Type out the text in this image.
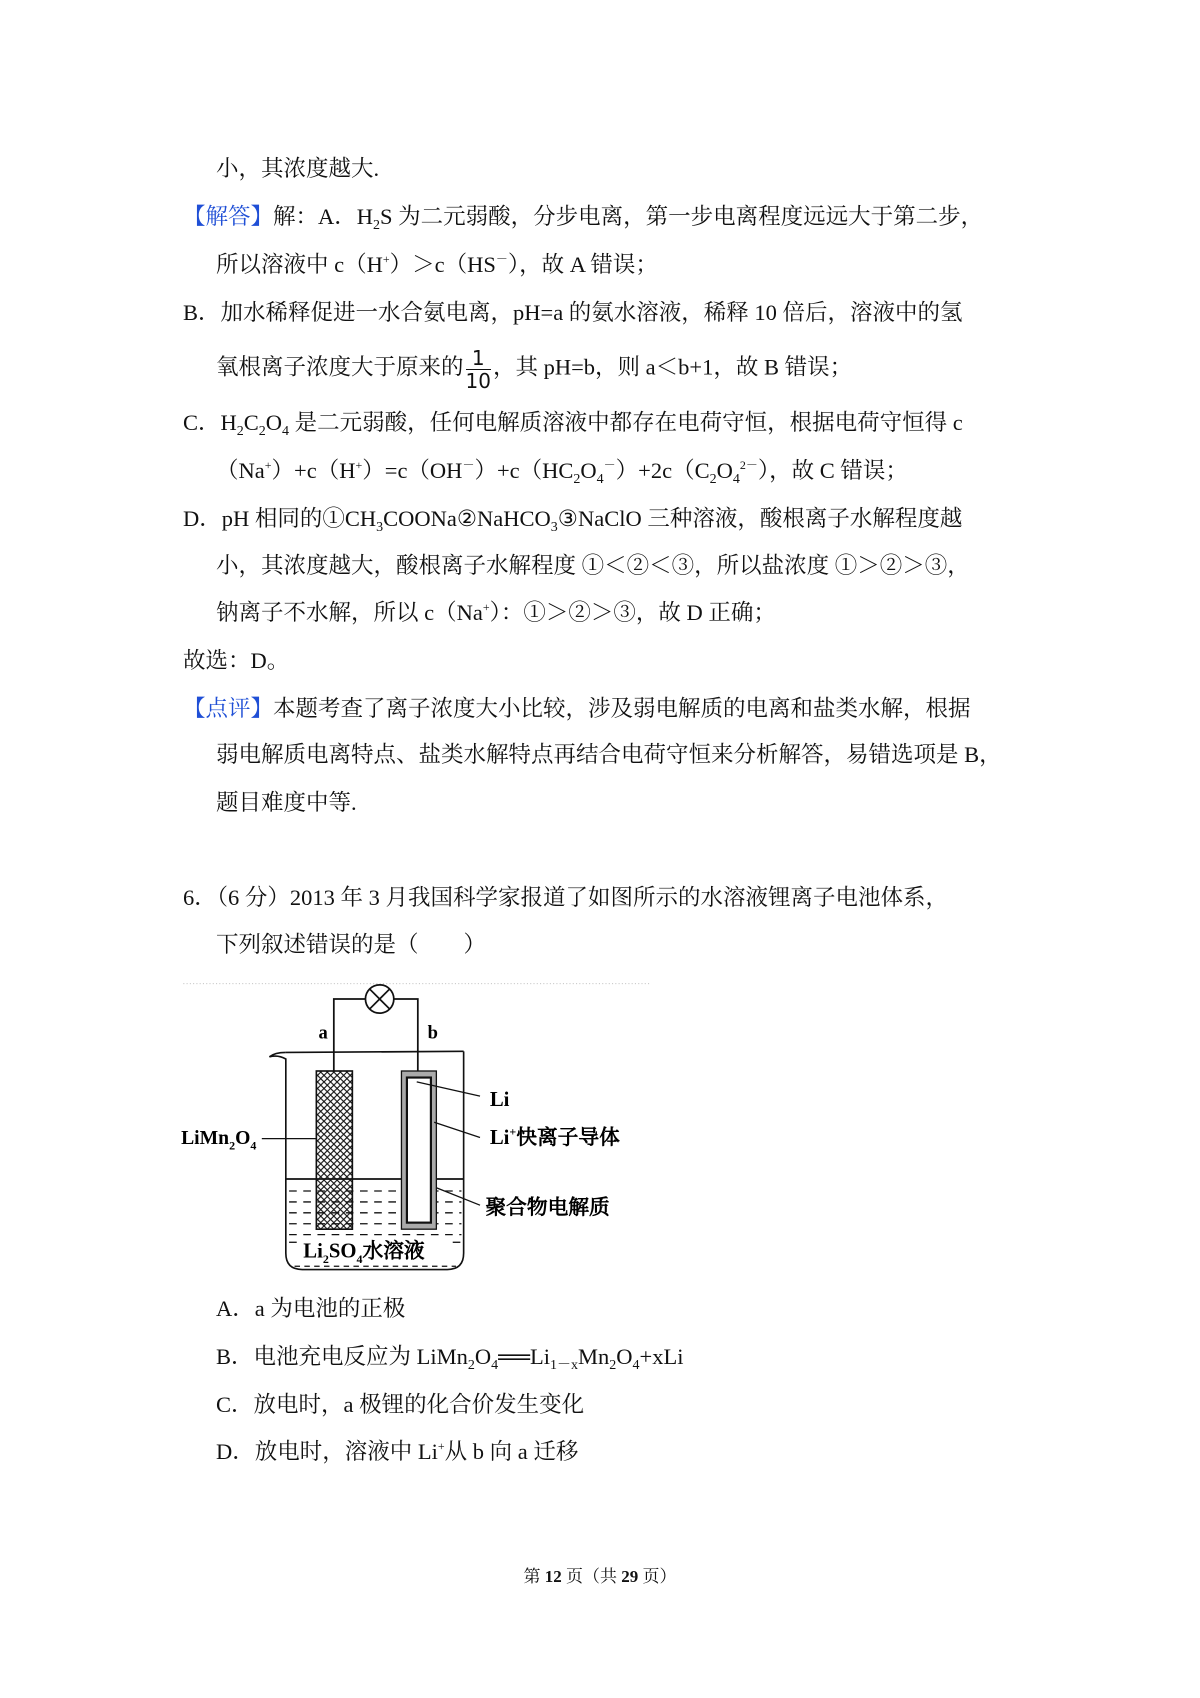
小，其浓度越大.
【解答】解：A．$H_2S$ 为二元弱酸，分步电离，第一步电离程度远远大于第二步，
所以溶液中 c（H+）＞c（HS－），故 A 错误；
B．加水稀释促进一水合氨电离，pH=a 的氨水溶液，稀释 10 倍后，溶液中的氢
氧根离子浓度大于原来的 $\frac{1}{10}$ ，其 pH=b，则 a＜b+1，故 B 错误；
C．$H_2C_2O_4$ 是二元弱酸，任何电解质溶液中都存在电荷守恒，根据电荷守恒得 c
$(Na^+)+c(H^+)=c(OH^-)+c(HC_2O_4^-)+2c(C_2O_4^{2-})$，故 C 错误；
D．pH 相同的$①CH_3COONa②NaHCO_3③NaClO$ 三种溶液，酸根离子水解程度越
小，其浓度越大，酸根离子水解程度 ①＜②＜③，所以盐浓度 ①＞②＞③，
钠离子不水解，所以 c（Na+）：①＞②＞③，故 D 正确；
故选：D。
【点评】本题考查了离子浓度大小比较，涉及弱电解质的电离和盐类水解，根据
弱电解质电离特点、盐类水解特点再结合电荷守恒来分析解答，易错选项是 B，
题目难度中等.
6．（6 分）2013 年 3 月我国科学家报道了如图所示的水溶液锂离子电池体系，
下列叙述错误的是（　　）
A．a 为电池的正极
B．电池充电反应为 $LiMn_2O_4══Li_{1-x}Mn_2O_4+xLi$
C．放电时，a 极锂的化合价发生变化
D．放电时，溶液中 Li+从 b 向 a 迁移
a	b
Li
Li+快离子导体
$LiMn_2O_4$
聚合物电解质
$Li_2SO_4$水溶液
第 12 页（共 29 页）
